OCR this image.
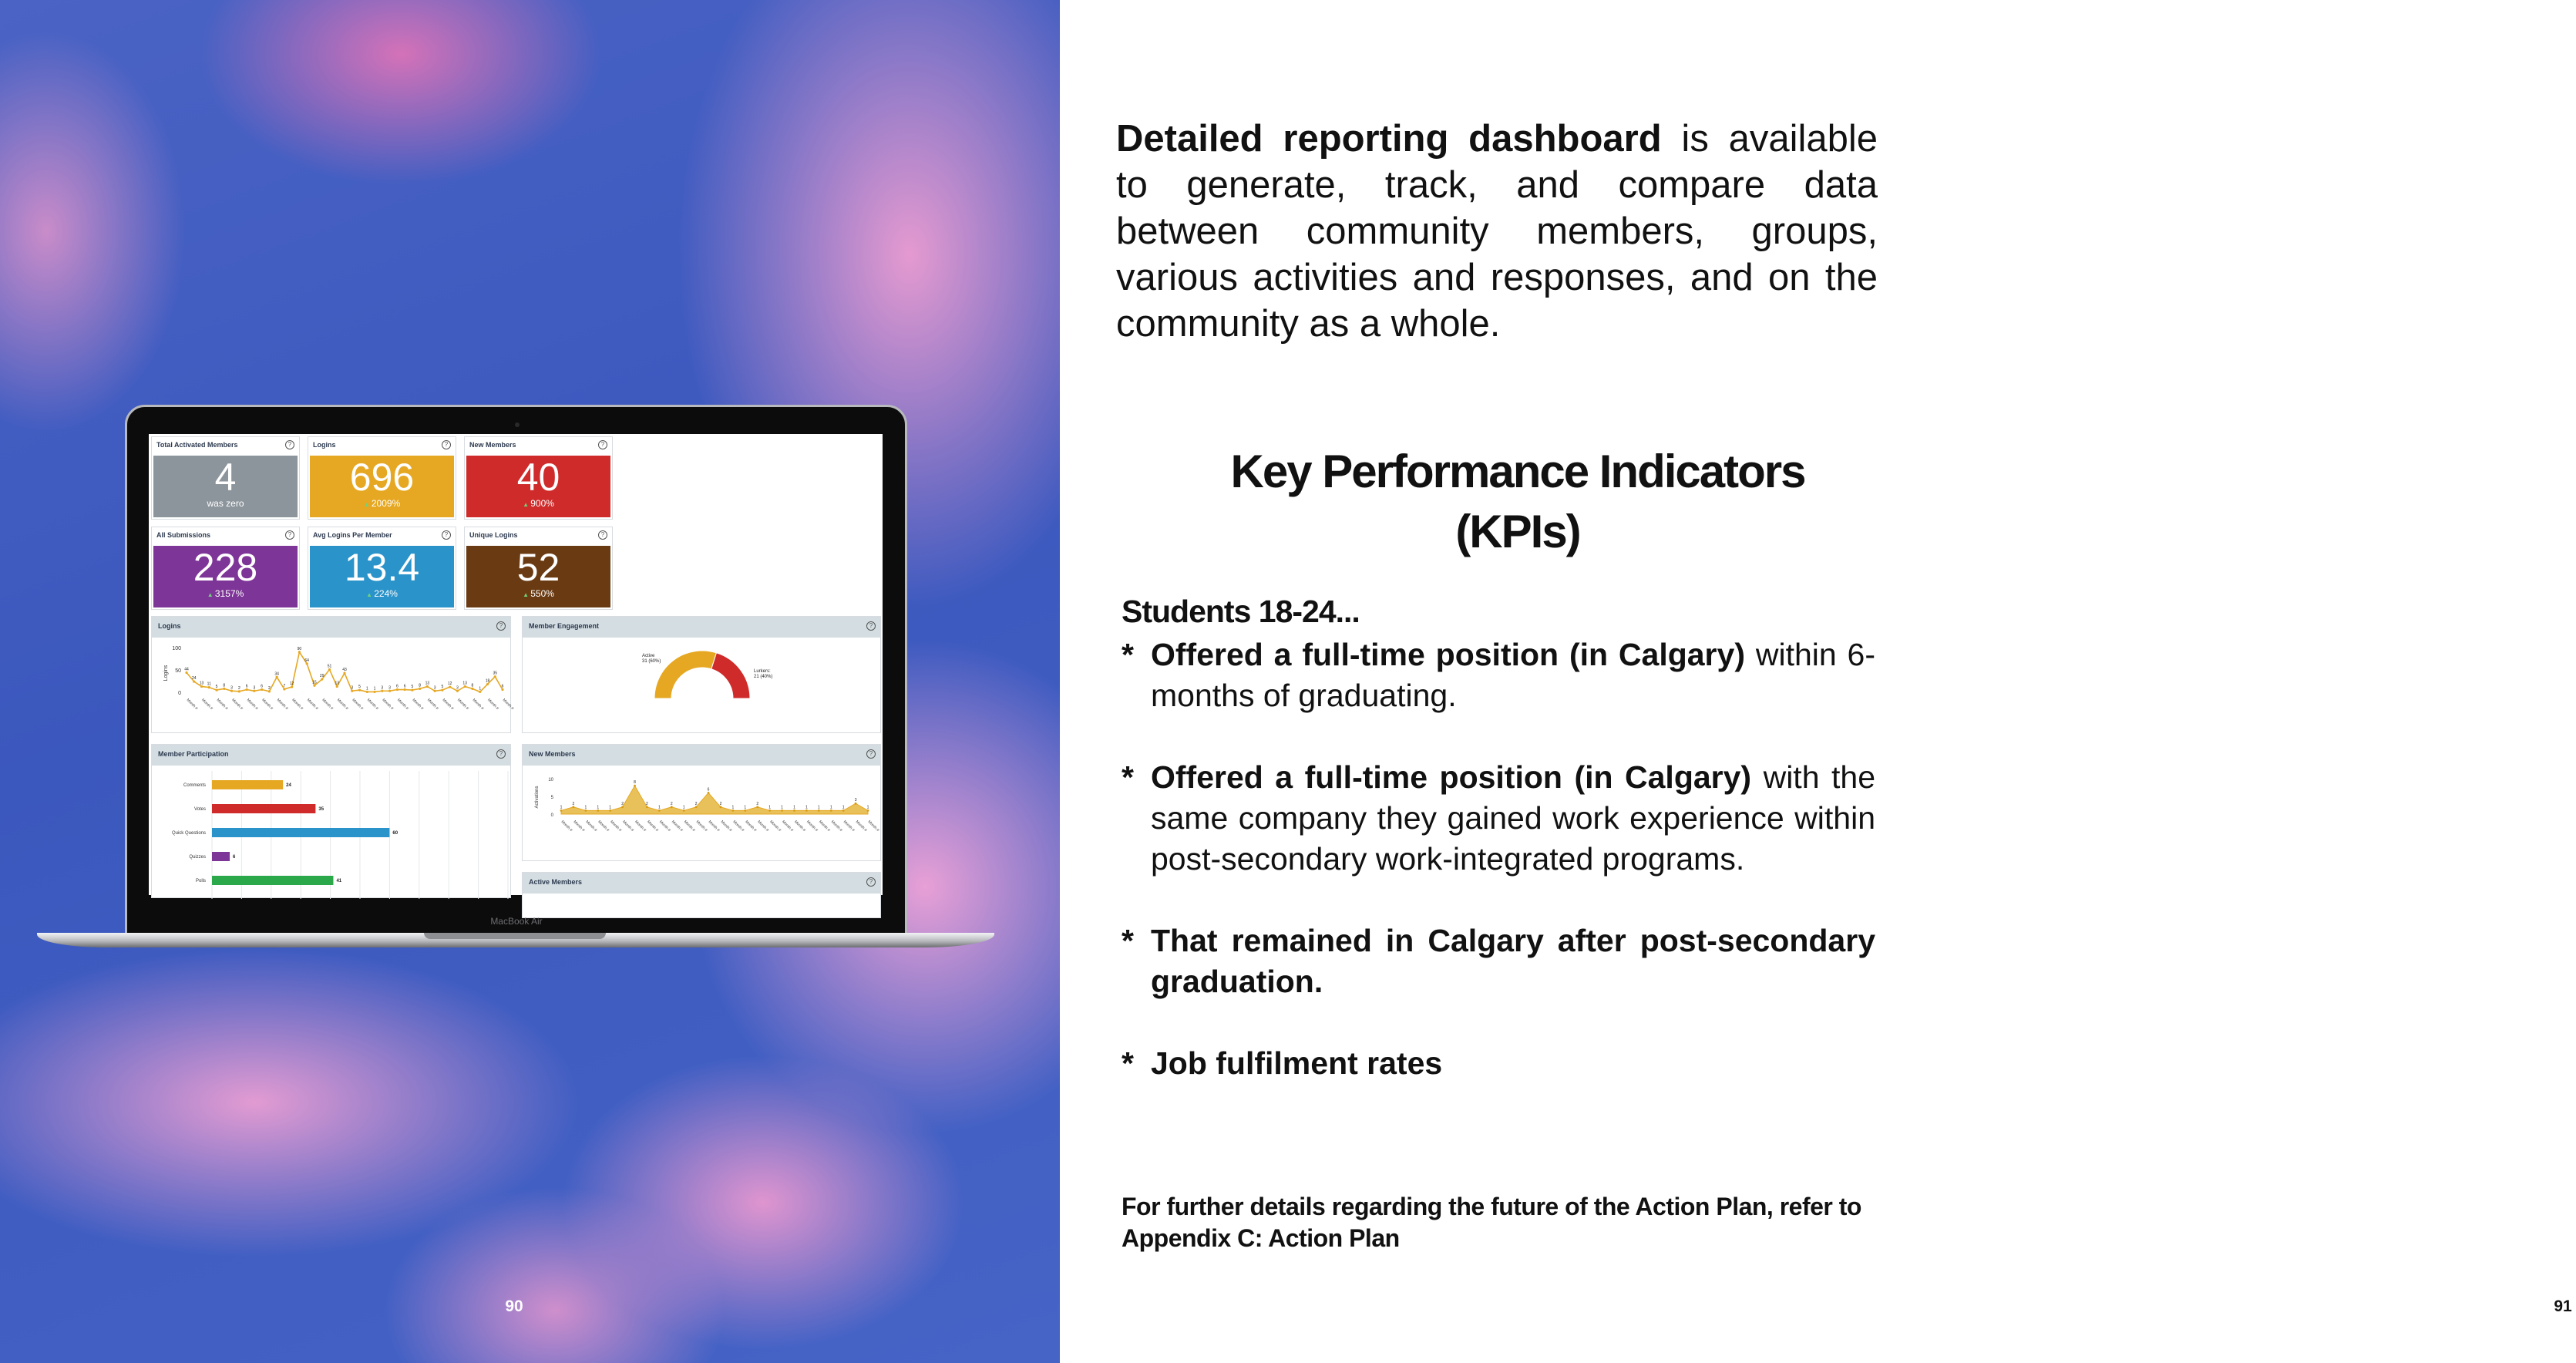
Total Activated Members	?
4
was zero
Logins	?
696
▲ 2009%
New Members	?
40
▲ 900%
All Submissions	?
228
▲ 3157%
Avg Logins Per Member	?
13.4
▲ 224%
Unique Logins	?
52
▲ 550%
Logins	?
100
50
0
Logins	44
Month #
24
13
Month #
11
5
Month #
8 3
Month #
2 6
Month #
3 6
Month #
2
34
Month #
7 12
Month #
90
64
Month #
15
29
Month #
51
13
Month #
43
3
Month #
5 1
Month #
1 3
Month #
3 6
Month #
6 5
Month #
8 13
Month #
3 5
Month #
12
3
Month #
13 8
Month #
1
18
Month #
35
6
Month #
Member Engagement	?
Active
31 (60%)
Lurkers:
21 (40%)
Member Participation	?
Comments	24
Votes	35
Quick Questions	60
Quizzes	6
Polls	41
New Members	?
10
5
0
Activations	1
Month #
2
Month #
1
Month #
1
Month #
1
Month #
2
Month #
8
Month #
2
Month #
1
Month #
2
Month #
1
Month #
2
Month #
6
Month #
2
Month #
1
Month #
1
Month #
2
Month #
1
Month #
1
Month #
1
Month #
1
Month #
1
Month #
1
Month #
1
Month #
3
Month #
1
Month #
Active Members	?
MacBook Air
90
Detailed reporting dashboard is available to generate, track, and compare data between community members, groups, various activities and responses, and on the community as a whole.
Key Performance Indicators
(KPIs)
Students 18-24...
* Offered a full-time position (in Calgary) within 6-months of graduating.
* Offered a full-time position (in Calgary) with the same company they gained work experience within post-secondary work-integrated programs.
* That remained in Calgary after post-secondary graduation.
* Job fulfilment rates
For further details regarding the future of the Action Plan, refer to
Appendix C: Action Plan
91
